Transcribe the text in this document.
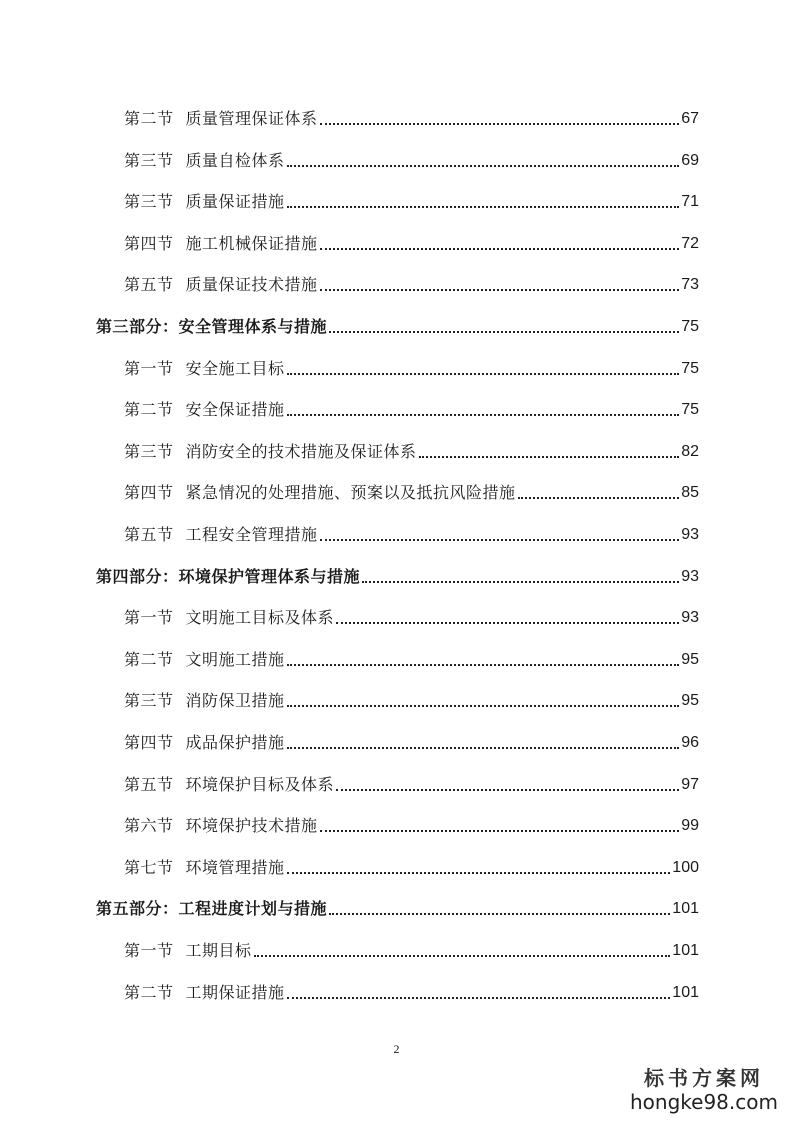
第二节 质量管理保证体系	67
第三节 质量自检体系	69
第三节 质量保证措施	71
第四节 施工机械保证措施	72
第五节 质量保证技术措施	73
第三部分：安全管理体系与措施	75
第一节 安全施工目标	75
第二节 安全保证措施	75
第三节 消防安全的技术措施及保证体系	82
第四节 紧急情况的处理措施、预案以及抵抗风险措施	85
第五节 工程安全管理措施	93
第四部分：环境保护管理体系与措施	93
第一节 文明施工目标及体系	93
第二节 文明施工措施	95
第三节 消防保卫措施	95
第四节 成品保护措施	96
第五节 环境保护目标及体系	97
第六节 环境保护技术措施	99
第七节 环境管理措施	100
第五部分：工程进度计划与措施	101
第一节 工期目标	101
第二节 工期保证措施	101
2
标书方案网
hongke98.com
